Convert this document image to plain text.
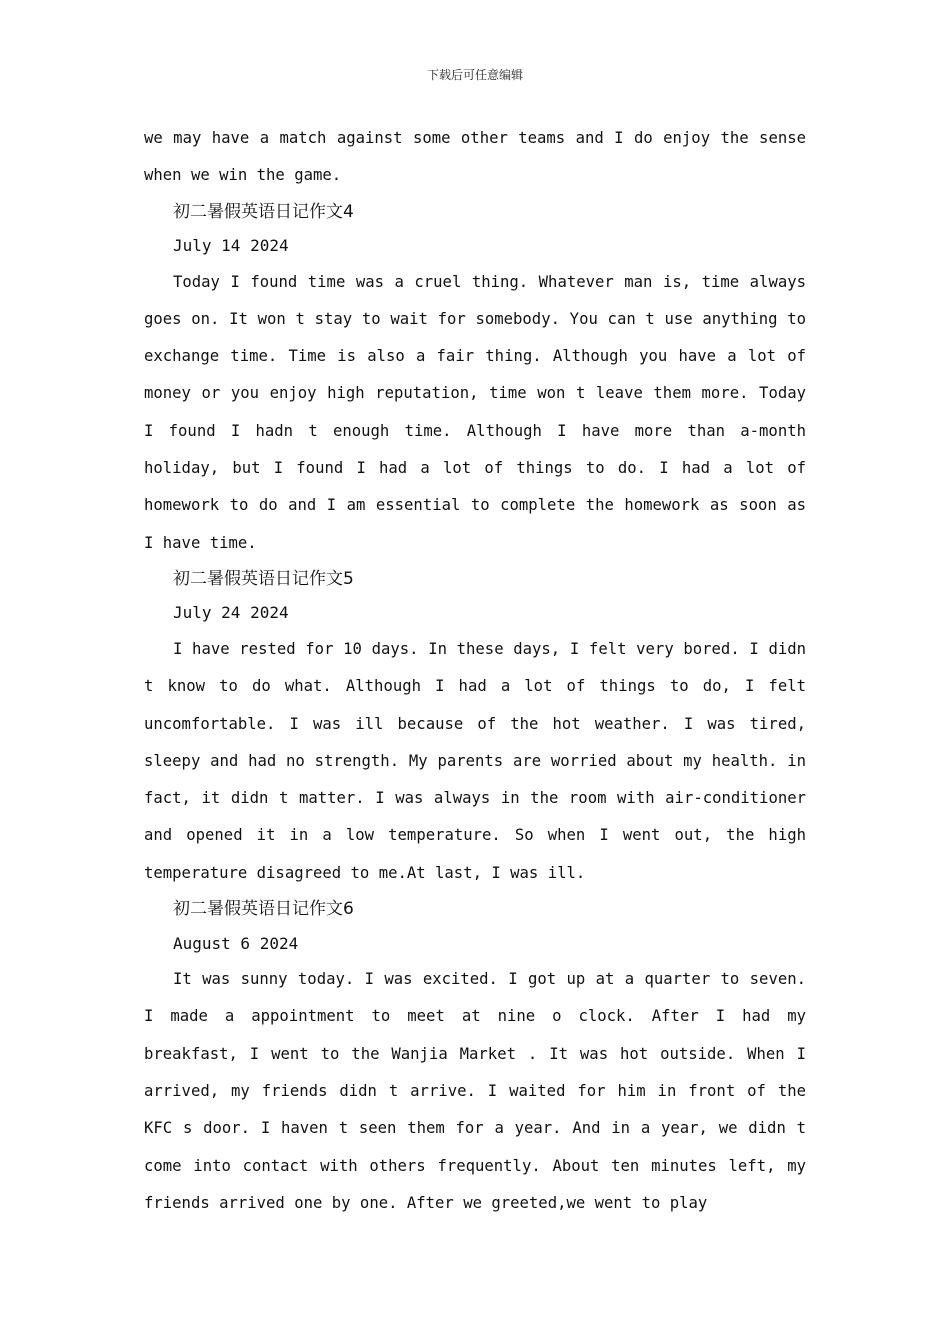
下载后可任意编辑

we may have a match against some other teams and I do enjoy the sense when we win the game.

初二暑假英语日记作文4

July 14 2024

Today I found time was a cruel thing. Whatever man is, time always goes on. It won t stay to wait for somebody. You can t use anything to exchange time. Time is also a fair thing. Although you have a lot of money or you enjoy high reputation, time won t leave them more. Today I found I hadn t enough time. Although I have more than a-month holiday, but I found I had a lot of things to do. I had a lot of homework to do and I am essential to complete the homework as soon as I have time.

初二暑假英语日记作文5

July 24 2024

I have rested for 10 days. In these days, I felt very bored. I didn t know to do what. Although I had a lot of things to do, I felt uncomfortable. I was ill because of the hot weather. I was tired, sleepy and had no strength. My parents are worried about my health. in fact, it didn t matter. I was always in the room with air-conditioner and opened it in a low temperature. So when I went out, the high temperature disagreed to me.At last, I was ill.

初二暑假英语日记作文6

August 6 2024

It was sunny today. I was excited. I got up at a quarter to seven. I made a appointment to meet at nine o clock. After I had my breakfast, I went to the Wanjia Market . It was hot outside. When I arrived, my friends didn t arrive. I waited for him in front of the KFC s door. I haven t seen them for a year. And in a year, we didn t come into contact with others frequently. About ten minutes left, my friends arrived one by one. After we greeted,we went to play
